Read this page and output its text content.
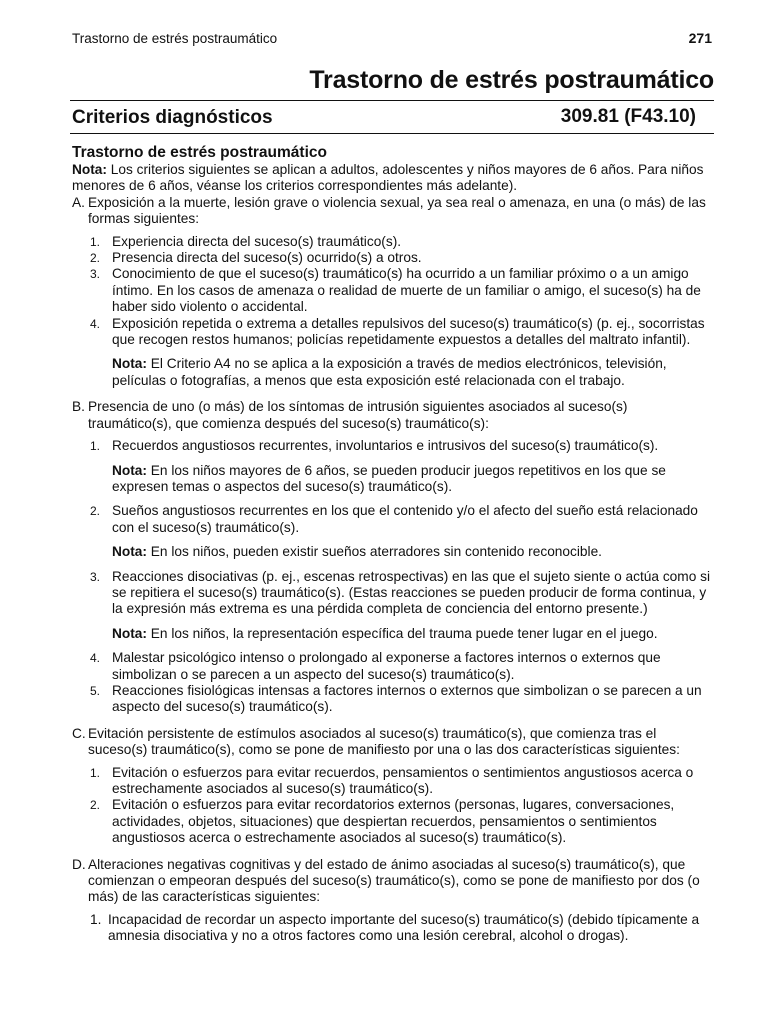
Trastorno de estrés postraumático	271
Trastorno de estrés postraumático
Criterios diagnósticos	309.81 (F43.10)
Trastorno de estrés postraumático

Nota: Los criterios siguientes se aplican a adultos, adolescentes y niños mayores de 6 años. Para niños menores de 6 años, véanse los criterios correspondientes más adelante).

A. Exposición a la muerte, lesión grave o violencia sexual, ya sea real o amenaza, en una (o más) de las formas siguientes:
1. Experiencia directa del suceso(s) traumático(s).
2. Presencia directa del suceso(s) ocurrido(s) a otros.
3. Conocimiento de que el suceso(s) traumático(s) ha ocurrido a un familiar próximo o a un amigo íntimo. En los casos de amenaza o realidad de muerte de un familiar o amigo, el suceso(s) ha de haber sido violento o accidental.
4. Exposición repetida o extrema a detalles repulsivos del suceso(s) traumático(s) (p. ej., socorristas que recogen restos humanos; policías repetidamente expuestos a detalles del maltrato infantil).
Nota: El Criterio A4 no se aplica a la exposición a través de medios electrónicos, televisión, películas o fotografías, a menos que esta exposición esté relacionada con el trabajo.
B. Presencia de uno (o más) de los síntomas de intrusión siguientes asociados al suceso(s) traumático(s), que comienza después del suceso(s) traumático(s):
1. Recuerdos angustiosos recurrentes, involuntarios e intrusivos del suceso(s) traumático(s).
Nota: En los niños mayores de 6 años, se pueden producir juegos repetitivos en los que se expresen temas o aspectos del suceso(s) traumático(s).
2. Sueños angustiosos recurrentes en los que el contenido y/o el afecto del sueño está relacionado con el suceso(s) traumático(s).
Nota: En los niños, pueden existir sueños aterradores sin contenido reconocible.
3. Reacciones disociativas (p. ej., escenas retrospectivas) en las que el sujeto siente o actúa como si se repitiera el suceso(s) traumático(s). (Estas reacciones se pueden producir de forma continua, y la expresión más extrema es una pérdida completa de conciencia del entorno presente.)
Nota: En los niños, la representación específica del trauma puede tener lugar en el juego.
4. Malestar psicológico intenso o prolongado al exponerse a factores internos o externos que simbolizan o se parecen a un aspecto del suceso(s) traumático(s).
5. Reacciones fisiológicas intensas a factores internos o externos que simbolizan o se parecen a un aspecto del suceso(s) traumático(s).
C. Evitación persistente de estímulos asociados al suceso(s) traumático(s), que comienza tras el suceso(s) traumático(s), como se pone de manifiesto por una o las dos características siguientes:
1. Evitación o esfuerzos para evitar recuerdos, pensamientos o sentimientos angustiosos acerca o estrechamente asociados al suceso(s) traumático(s).
2. Evitación o esfuerzos para evitar recordatorios externos (personas, lugares, conversaciones, actividades, objetos, situaciones) que despiertan recuerdos, pensamientos o sentimientos angustiosos acerca o estrechamente asociados al suceso(s) traumático(s).
D. Alteraciones negativas cognitivas y del estado de ánimo asociadas al suceso(s) traumático(s), que comienzan o empeoran después del suceso(s) traumático(s), como se pone de manifiesto por dos (o más) de las características siguientes:
1. Incapacidad de recordar un aspecto importante del suceso(s) traumático(s) (debido típicamente a amnesia disociativa y no a otros factores como una lesión cerebral, alcohol o drogas).
